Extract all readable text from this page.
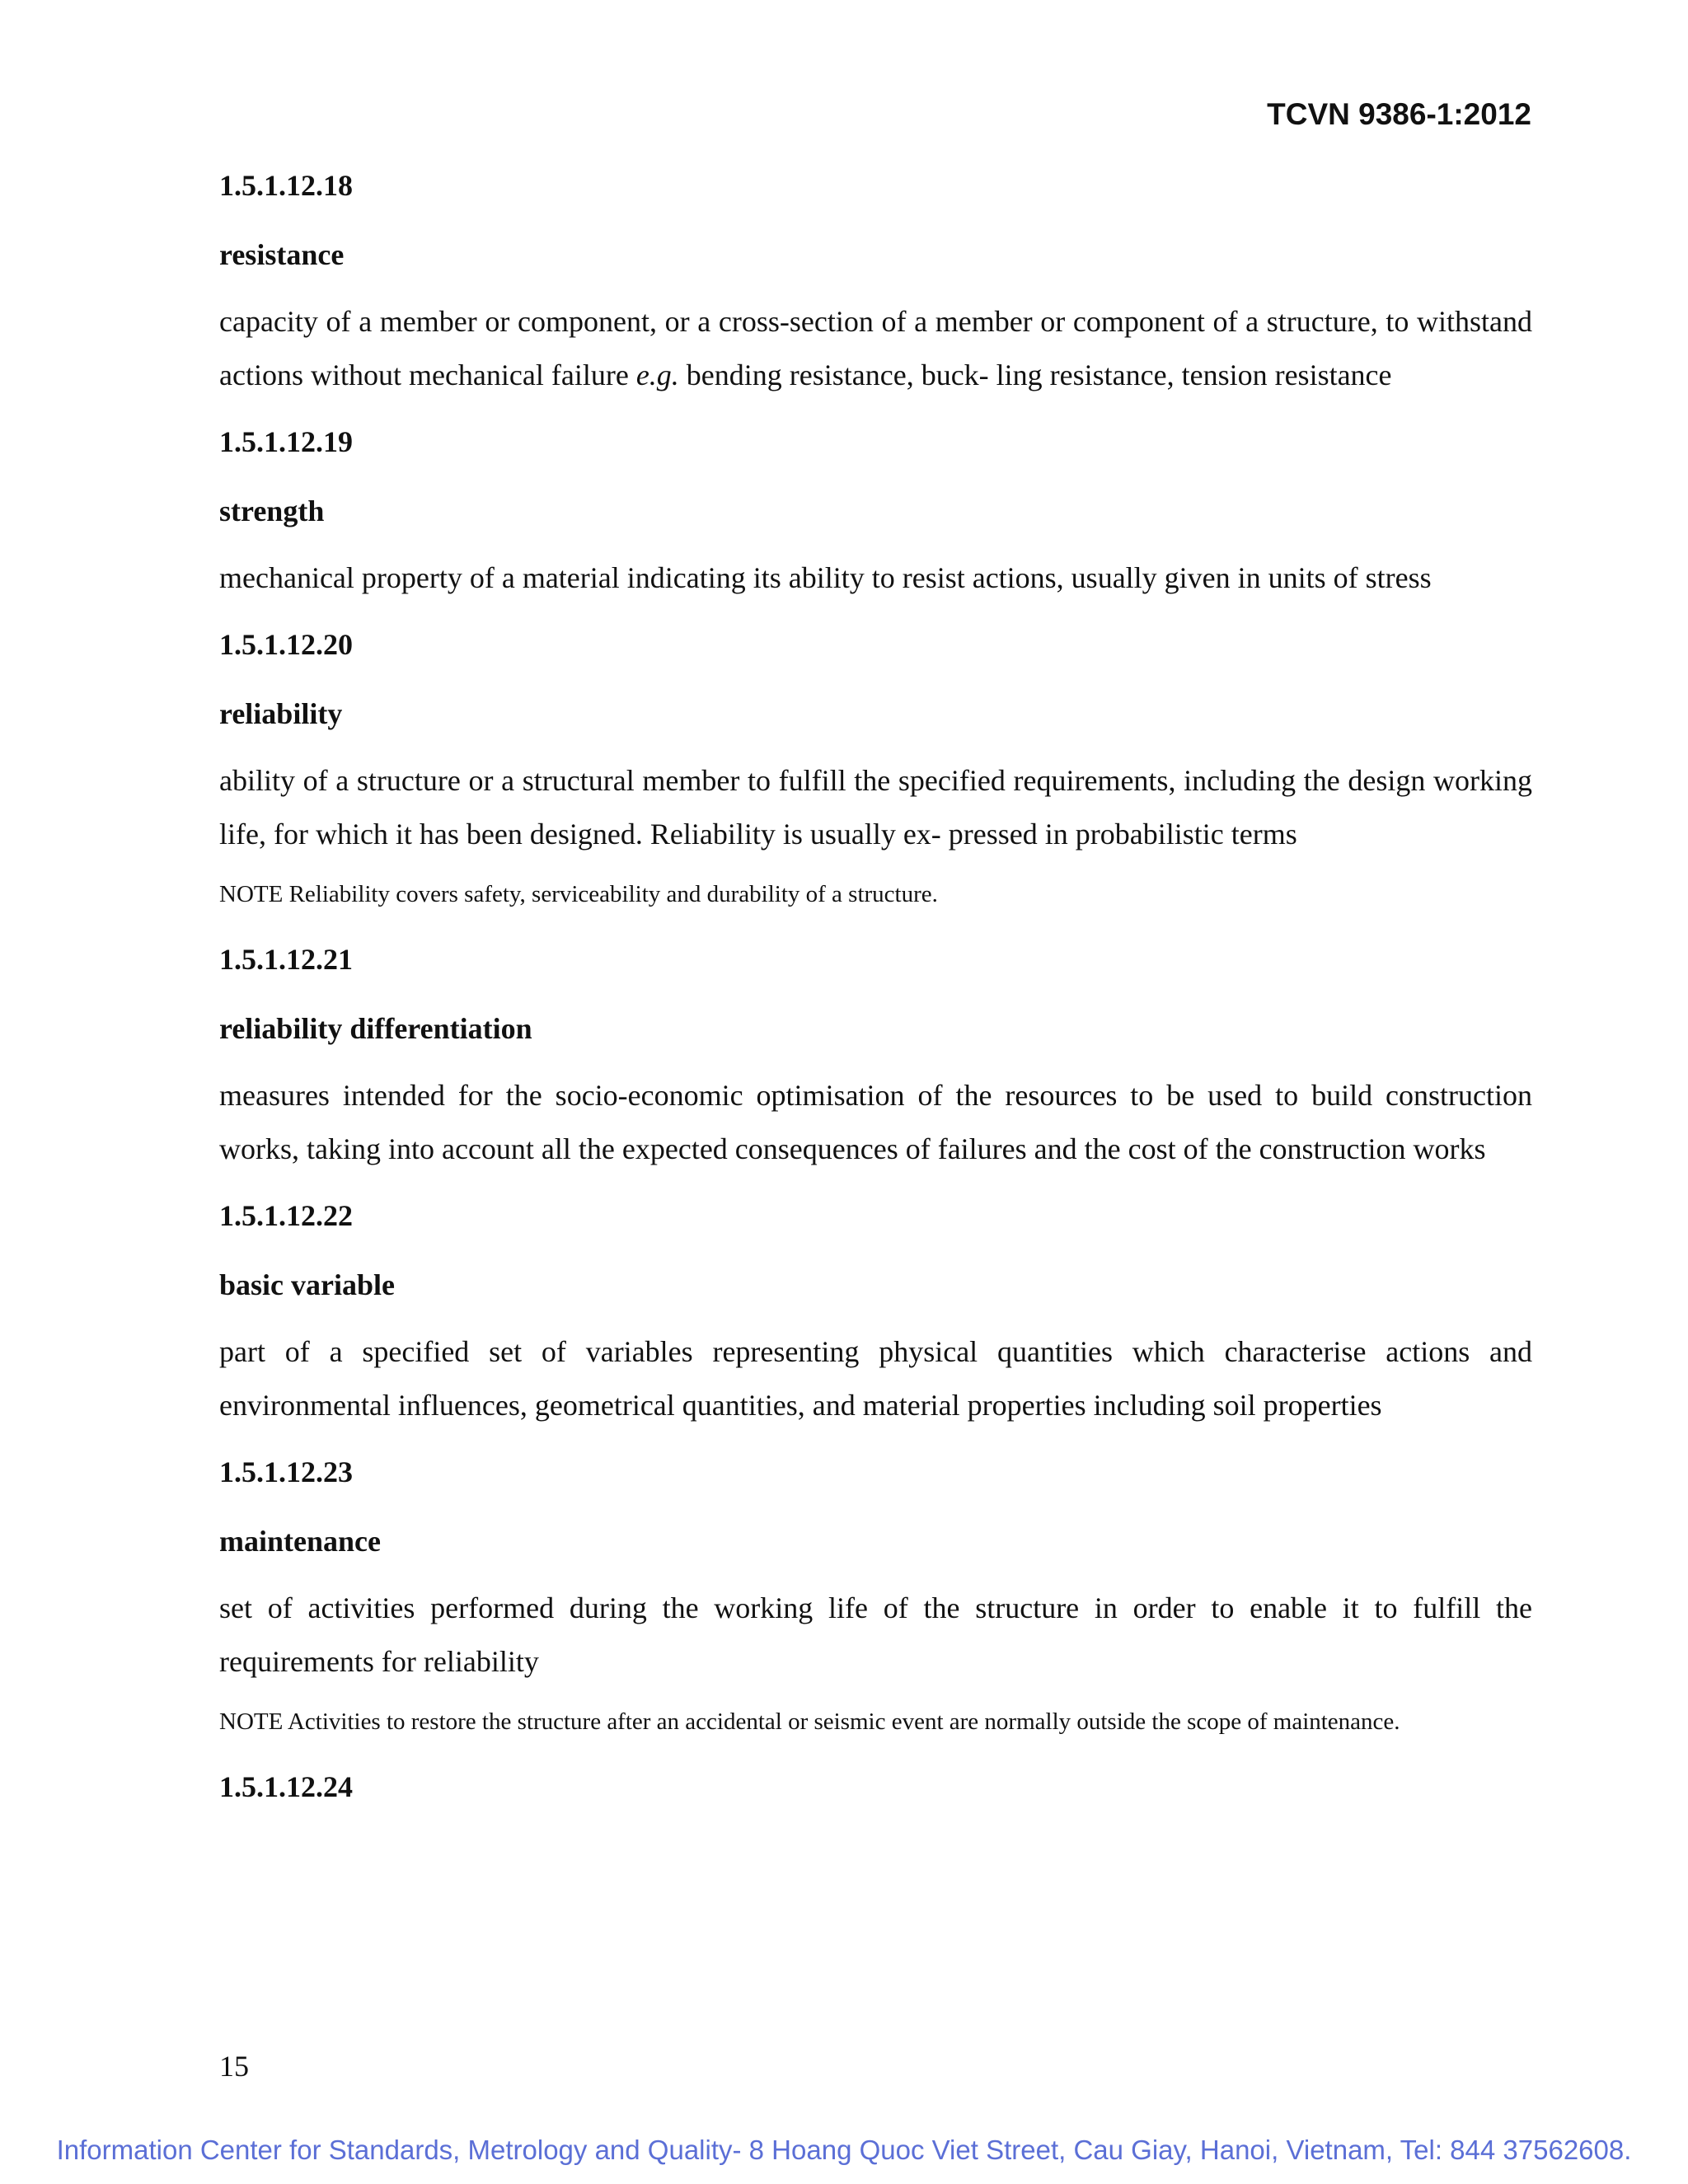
TCVN 9386-1:2012

1.5.1.12.18

resistance

capacity of a member or component, or a cross-section of a member or component of a structure, to withstand actions without mechanical failure e.g. bending resistance, buck- ling resistance, tension resistance

1.5.1.12.19

strength

mechanical property of a material indicating its ability to resist actions, usually given in units of stress

1.5.1.12.20

reliability

ability of a structure or a structural member to fulfill the specified requirements, including the design working life, for which it has been designed. Reliability is usually ex- pressed in probabilistic terms

NOTE Reliability covers safety, serviceability and durability of a structure.

1.5.1.12.21

reliability differentiation

measures intended for the socio-economic optimisation of the resources to be used to build construction works, taking into account all the expected consequences of failures and the cost of the construction works

1.5.1.12.22

basic variable

part of a specified set of variables representing physical quantities which characterise actions and environmental influences, geometrical quantities, and material properties including soil properties

1.5.1.12.23

maintenance

set of activities performed during the working life of the structure in order to enable it to fulfill the requirements for reliability

NOTE Activities to restore the structure after an accidental or seismic event are normally outside the scope of maintenance.

1.5.1.12.24

15

Information Center for Standards, Metrology and Quality- 8 Hoang Quoc Viet Street, Cau Giay, Hanoi, Vietnam, Tel: 844 37562608.
